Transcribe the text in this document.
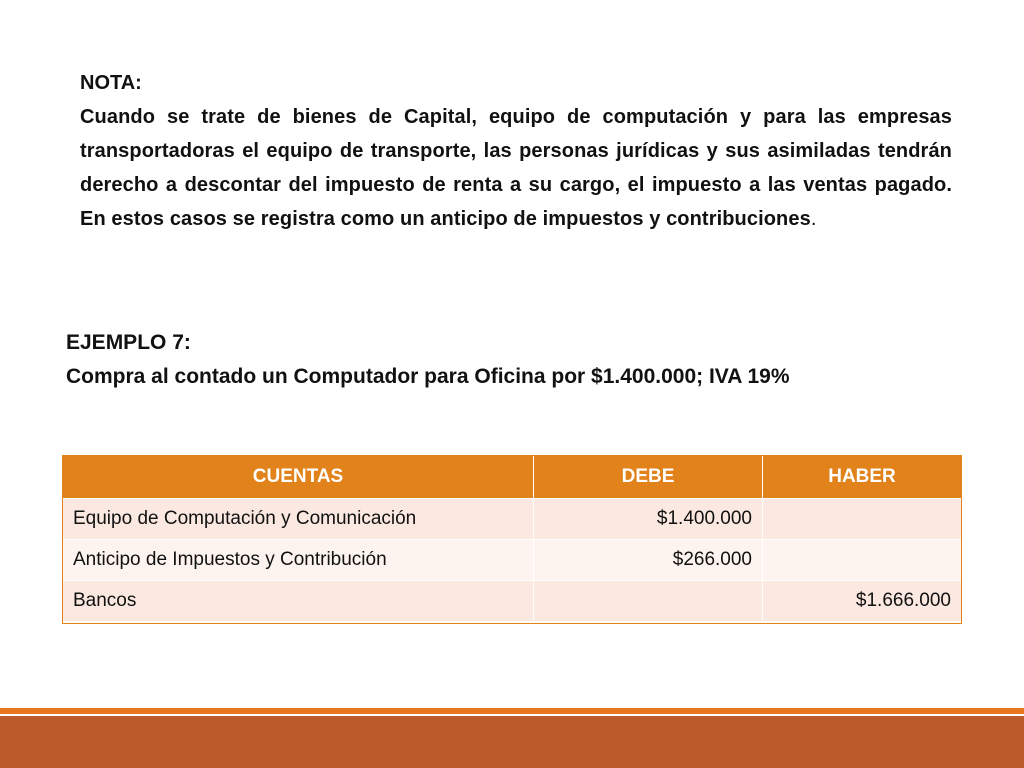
NOTA:

Cuando se trate de bienes de Capital, equipo de computación y para las empresas transportadoras el equipo de transporte, las personas jurídicas y sus asimiladas tendrán derecho a descontar del impuesto de renta a su cargo, el impuesto a las ventas pagado. En estos casos se registra como un anticipo de impuestos y contribuciones.

EJEMPLO 7:

Compra al contado un Computador para Oficina por $1.400.000; IVA 19%

CUENTAS	DEBE	HABER
Equipo de Computación y Comunicación	$1.400.000	
Anticipo de Impuestos y Contribución	$266.000	
Bancos		$1.666.000
